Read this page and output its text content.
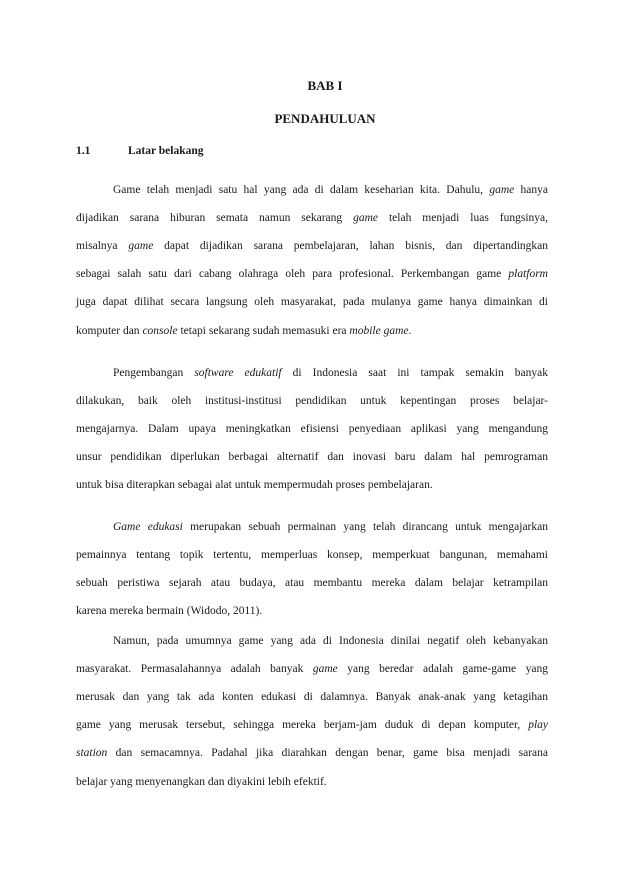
BAB I
PENDAHULUAN
1.1	Latar belakang
Game telah menjadi satu hal yang ada di dalam keseharian kita. Dahulu, game hanya
dijadikan sarana hiburan semata namun sekarang game telah menjadi luas fungsinya,
misalnya game dapat dijadikan sarana pembelajaran, lahan bisnis, dan dipertandingkan
sebagai salah satu dari cabang olahraga oleh para profesional. Perkembangan game platform
juga dapat dilihat secara langsung oleh masyarakat, pada mulanya game hanya dimainkan di
komputer dan console tetapi sekarang sudah memasuki era mobile game.
Pengembangan software edukatif di Indonesia saat ini tampak semakin banyak
dilakukan, baik oleh institusi-institusi pendidikan untuk kepentingan proses belajar-
mengajarnya. Dalam upaya meningkatkan efisiensi penyediaan aplikasi yang mengandung
unsur pendidikan diperlukan berbagai alternatif dan inovasi baru dalam hal pemrograman
untuk bisa diterapkan sebagai alat untuk mempermudah proses pembelajaran.
Game edukasi merupakan sebuah permainan yang telah dirancang untuk mengajarkan
pemainnya tentang topik tertentu, memperluas konsep, memperkuat bangunan, memahami
sebuah peristiwa sejarah atau budaya, atau membantu mereka dalam belajar ketrampilan
karena mereka bermain (Widodo, 2011).
Namun, pada umumnya game yang ada di Indonesia dinilai negatif oleh kebanyakan
masyarakat. Permasalahannya adalah banyak game yang beredar adalah game-game yang
merusak dan yang tak ada konten edukasi di dalamnya. Banyak anak-anak yang ketagihan
game yang merusak tersebut, sehingga mereka berjam-jam duduk di depan komputer, play
station dan semacamnya. Padahal jika diarahkan dengan benar, game bisa menjadi sarana
belajar yang menyenangkan dan diyakini lebih efektif.
